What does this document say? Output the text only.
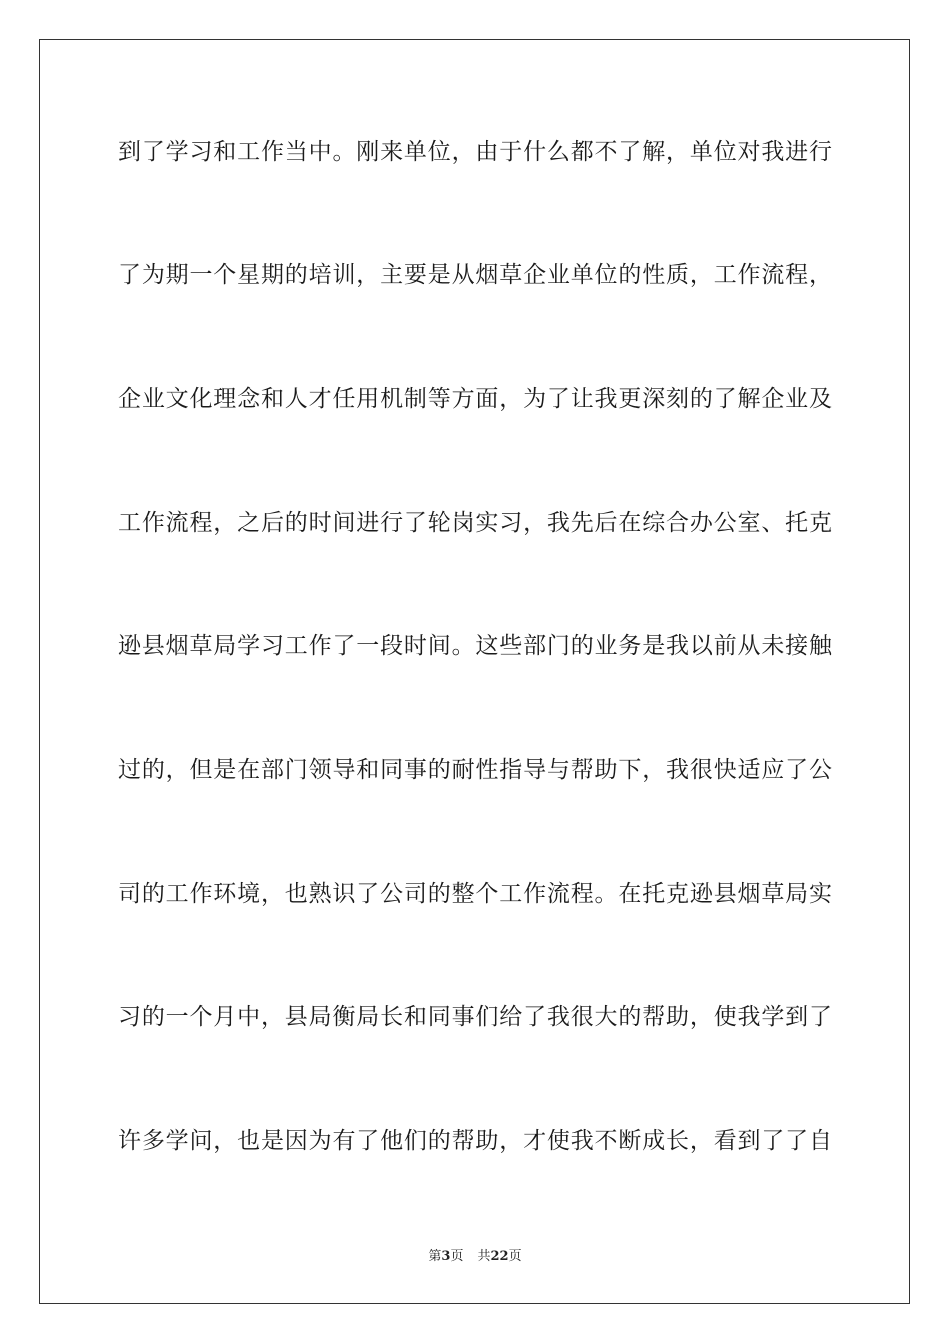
到了学习和工作当中。刚来单位，由于什么都不了解，单位对我进行

了为期一个星期的培训，主要是从烟草企业单位的性质，工作流程，

企业文化理念和人才任用机制等方面，为了让我更深刻的了解企业及

工作流程，之后的时间进行了轮岗实习，我先后在综合办公室、托克

逊县烟草局学习工作了一段时间。这些部门的业务是我以前从未接触

过的，但是在部门领导和同事的耐性指导与帮助下，我很快适应了公

司的工作环境，也熟识了公司的整个工作流程。在托克逊县烟草局实

习的一个月中，县局衡局长和同事们给了我很大的帮助，使我学到了

许多学问，也是因为有了他们的帮助，才使我不断成长，看到了了自

第3页 共22页
